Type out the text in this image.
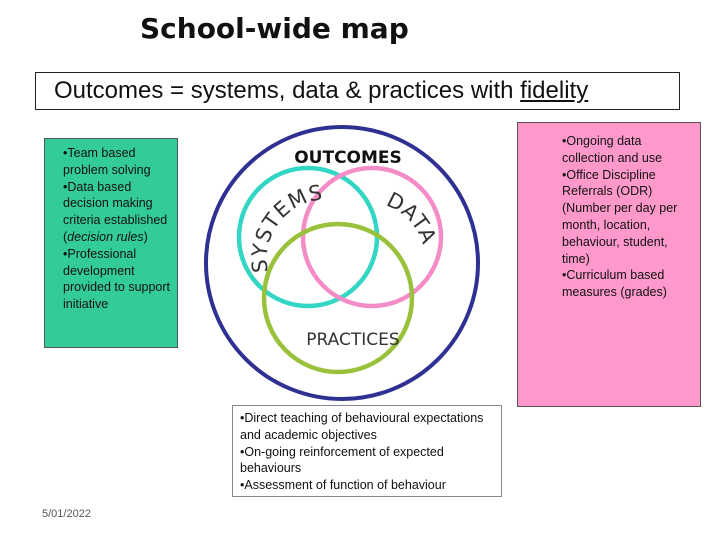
School-wide map
Outcomes = systems, data & practices with fidelity
OUTCOMES
SYSTEMS	DATA
PRACTICES

•Team based problem solving

•Data based decision making criteria established (decision rules)

•Professional development provided to support initiative

•Ongoing data collection and use

•Office Discipline Referrals (ODR) (Number per day per month, location, behaviour, student, time)

•Curriculum based measures (grades)

•Direct teaching of behavioural expectations and academic objectives

•On-going reinforcement of expected behaviours

•Assessment of function of behaviour

5/01/2022
